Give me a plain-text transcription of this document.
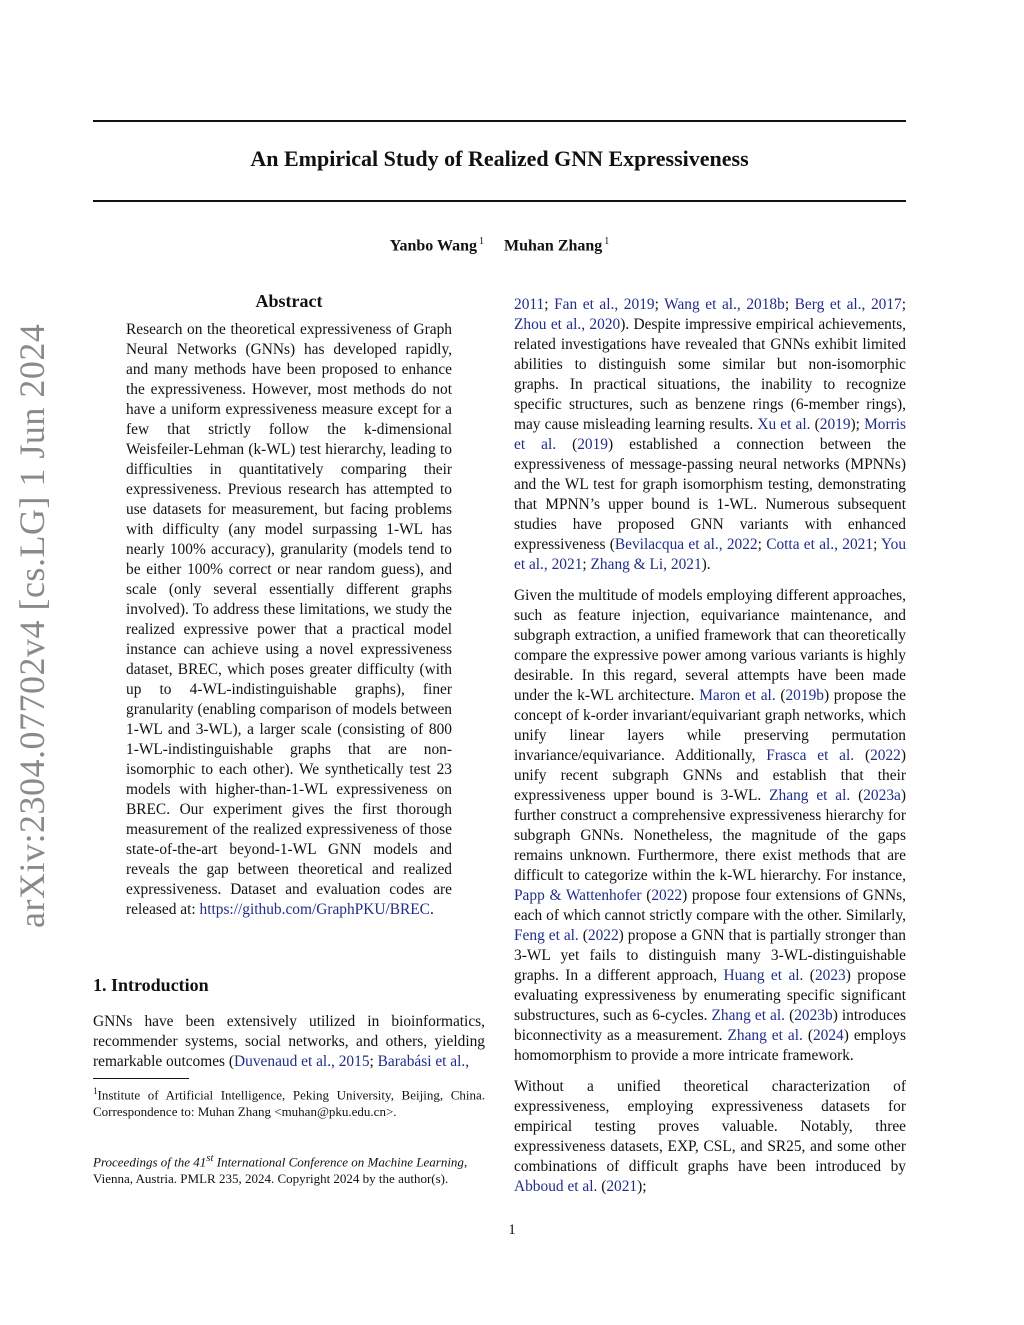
An Empirical Study of Realized GNN Expressiveness
Yanbo Wang $^1$ Muhan Zhang $^1$
arXiv:2304.07702v4 [cs.LG] 1 Jun 2024
Abstract
Research on the theoretical expressiveness of Graph Neural Networks (GNNs) has developed rapidly, and many methods have been proposed to enhance the expressiveness. However, most methods do not have a uniform expressiveness measure except for a few that strictly follow the k-dimensional Weisfeiler-Lehman (k-WL) test hierarchy, leading to difficulties in quantitatively comparing their expressiveness. Previous research has attempted to use datasets for measurement, but facing problems with difficulty (any model surpassing 1-WL has nearly 100% accuracy), granularity (models tend to be either 100% correct or near random guess), and scale (only several essentially different graphs involved). To address these limitations, we study the realized expressive power that a practical model instance can achieve using a novel expressiveness dataset, BREC, which poses greater difficulty (with up to 4-WL-indistinguishable graphs), finer granularity (enabling comparison of models between 1-WL and 3-WL), a larger scale (consisting of 800 1-WL-indistinguishable graphs that are non-isomorphic to each other). We synthetically test 23 models with higher-than-1-WL expressiveness on BREC. Our experiment gives the first thorough measurement of the realized expressiveness of those state-of-the-art beyond-1-WL GNN models and reveals the gap between theoretical and realized expressiveness. Dataset and evaluation codes are released at: https://github.com/GraphPKU/BREC.
1. Introduction
GNNs have been extensively utilized in bioinformatics, recommender systems, social networks, and others, yielding remarkable outcomes (Duvenaud et al., 2015; Barabási et al.,
$^1$Institute of Artificial Intelligence, Peking University, Beijing, China. Correspondence to: Muhan Zhang <muhan@pku.edu.cn>.
Proceedings of the 41st International Conference on Machine Learning, Vienna, Austria. PMLR 235, 2024. Copyright 2024 by the author(s).

2011; Fan et al., 2019; Wang et al., 2018b; Berg et al., 2017; Zhou et al., 2020). Despite impressive empirical achievements, related investigations have revealed that GNNs exhibit limited abilities to distinguish some similar but non-isomorphic graphs. In practical situations, the inability to recognize specific structures, such as benzene rings (6-member rings), may cause misleading learning results. Xu et al. (2019); Morris et al. (2019) established a connection between the expressiveness of message-passing neural networks (MPNNs) and the WL test for graph isomorphism testing, demonstrating that MPNN’s upper bound is 1-WL. Numerous subsequent studies have proposed GNN variants with enhanced expressiveness (Bevilacqua et al., 2022; Cotta et al., 2021; You et al., 2021; Zhang & Li, 2021).

Given the multitude of models employing different approaches, such as feature injection, equivariance maintenance, and subgraph extraction, a unified framework that can theoretically compare the expressive power among various variants is highly desirable. In this regard, several attempts have been made under the k-WL architecture. Maron et al. (2019b) propose the concept of k-order invariant/equivariant graph networks, which unify linear layers while preserving permutation invariance/equivariance. Additionally, Frasca et al. (2022) unify recent subgraph GNNs and establish that their expressiveness upper bound is 3-WL. Zhang et al. (2023a) further construct a comprehensive expressiveness hierarchy for subgraph GNNs. Nonetheless, the magnitude of the gaps remains unknown. Furthermore, there exist methods that are difficult to categorize within the k-WL hierarchy. For instance, Papp & Wattenhofer (2022) propose four extensions of GNNs, each of which cannot strictly compare with the other. Similarly, Feng et al. (2022) propose a GNN that is partially stronger than 3-WL yet fails to distinguish many 3-WL-distinguishable graphs. In a different approach, Huang et al. (2023) propose evaluating expressiveness by enumerating specific significant substructures, such as 6-cycles. Zhang et al. (2023b) introduces biconnectivity as a measurement. Zhang et al. (2024) employs homomorphism to provide a more intricate framework.

Without a unified theoretical characterization of expressiveness, employing expressiveness datasets for empirical testing proves valuable. Notably, three expressiveness datasets, EXP, CSL, and SR25, and some other combinations of difficult graphs have been introduced by Abboud et al. (2021);

1
